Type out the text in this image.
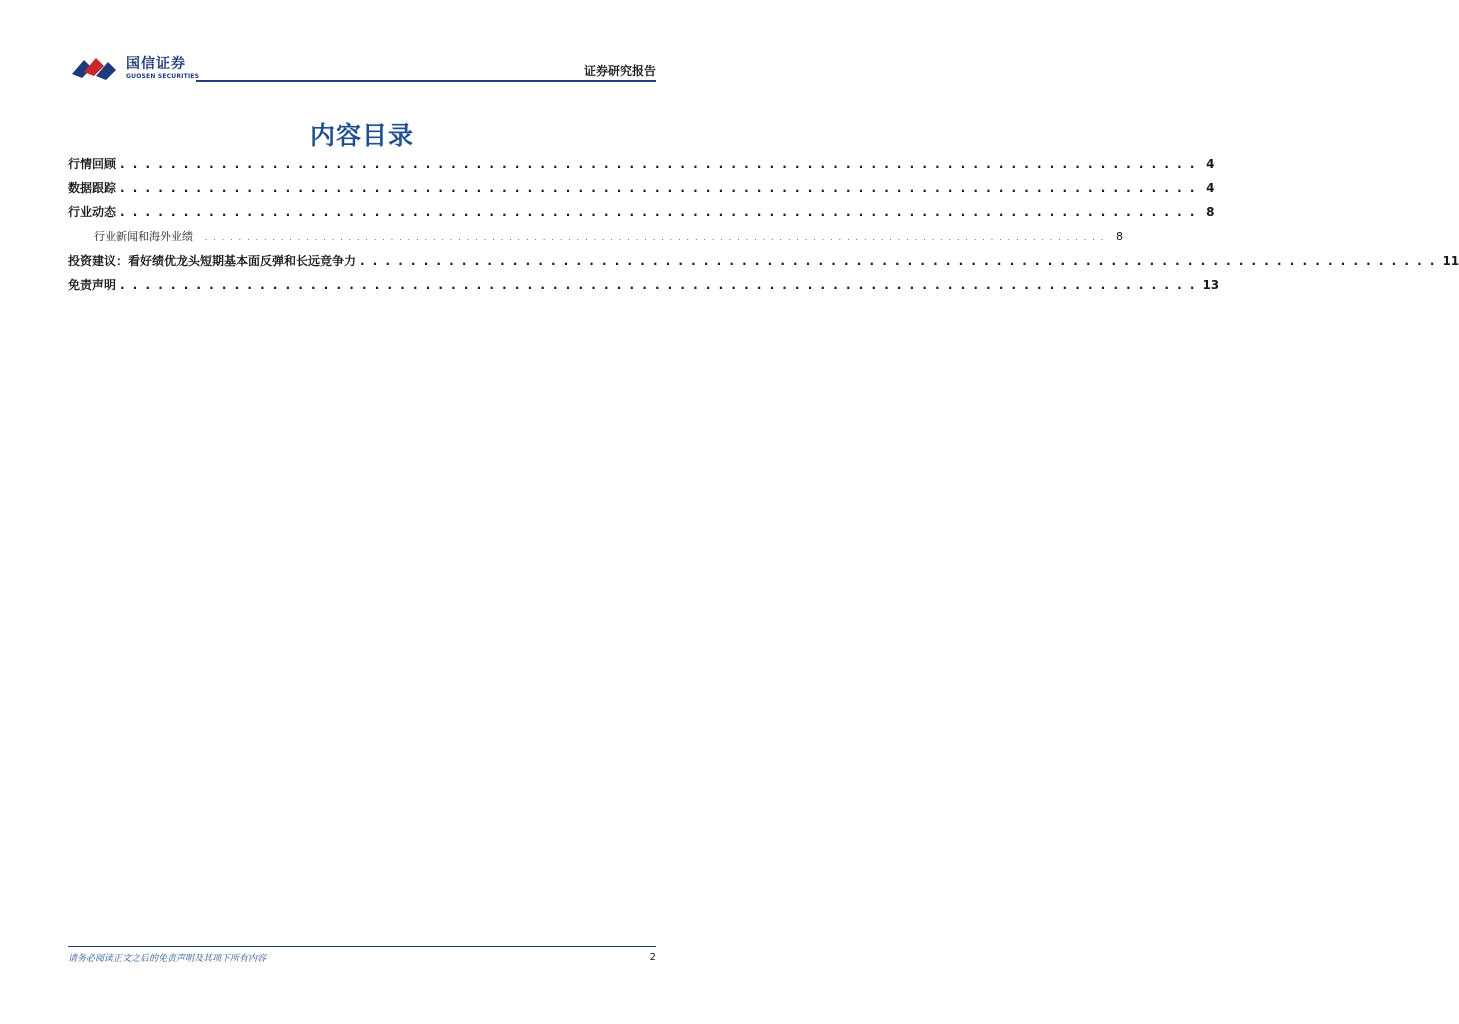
国信证券
GUOSEN SECURITIES	证券研究报告
内容目录
行情回顾 . . . . . . . . . . . . . . . . . . . . . . . . . . . . . . . . . . . . . . . . . . . . . . . . . . . . . . . . . . . . . . . . . . . . . . . . . . . . . . . . . . . . . 4
数据跟踪 . . . . . . . . . . . . . . . . . . . . . . . . . . . . . . . . . . . . . . . . . . . . . . . . . . . . . . . . . . . . . . . . . . . . . . . . . . . . . . . . . . . . . 4
行业动态 . . . . . . . . . . . . . . . . . . . . . . . . . . . . . . . . . . . . . . . . . . . . . . . . . . . . . . . . . . . . . . . . . . . . . . . . . . . . . . . . . . . . . 8
行业新闻和海外业绩 . . . . . . . . . . . . . . . . . . . . . . . . . . . . . . . . . . . . . . . . . . . . . . . . . . . . . . . . . . . . . . . . . . . . . . . . . . . . . . . . . . . . . . . . . . . . . . . . . . . . . . . . . . .	8
投资建议：看好绩优龙头短期基本面反弹和长远竞争力 . . . . . . . . . . . . . . . . . . . . . . . . . . . . . . . . . . . . . . . . . . . . . . . . . . . . . . . . . . . . . . . . . . . . . . . . . . . . . . . . . . . . . 11
免责声明 . . . . . . . . . . . . . . . . . . . . . . . . . . . . . . . . . . . . . . . . . . . . . . . . . . . . . . . . . . . . . . . . . . . . . . . . . . . . . . . . . . . . . 13
请务必阅读正文之后的免责声明及其项下所有内容	2
